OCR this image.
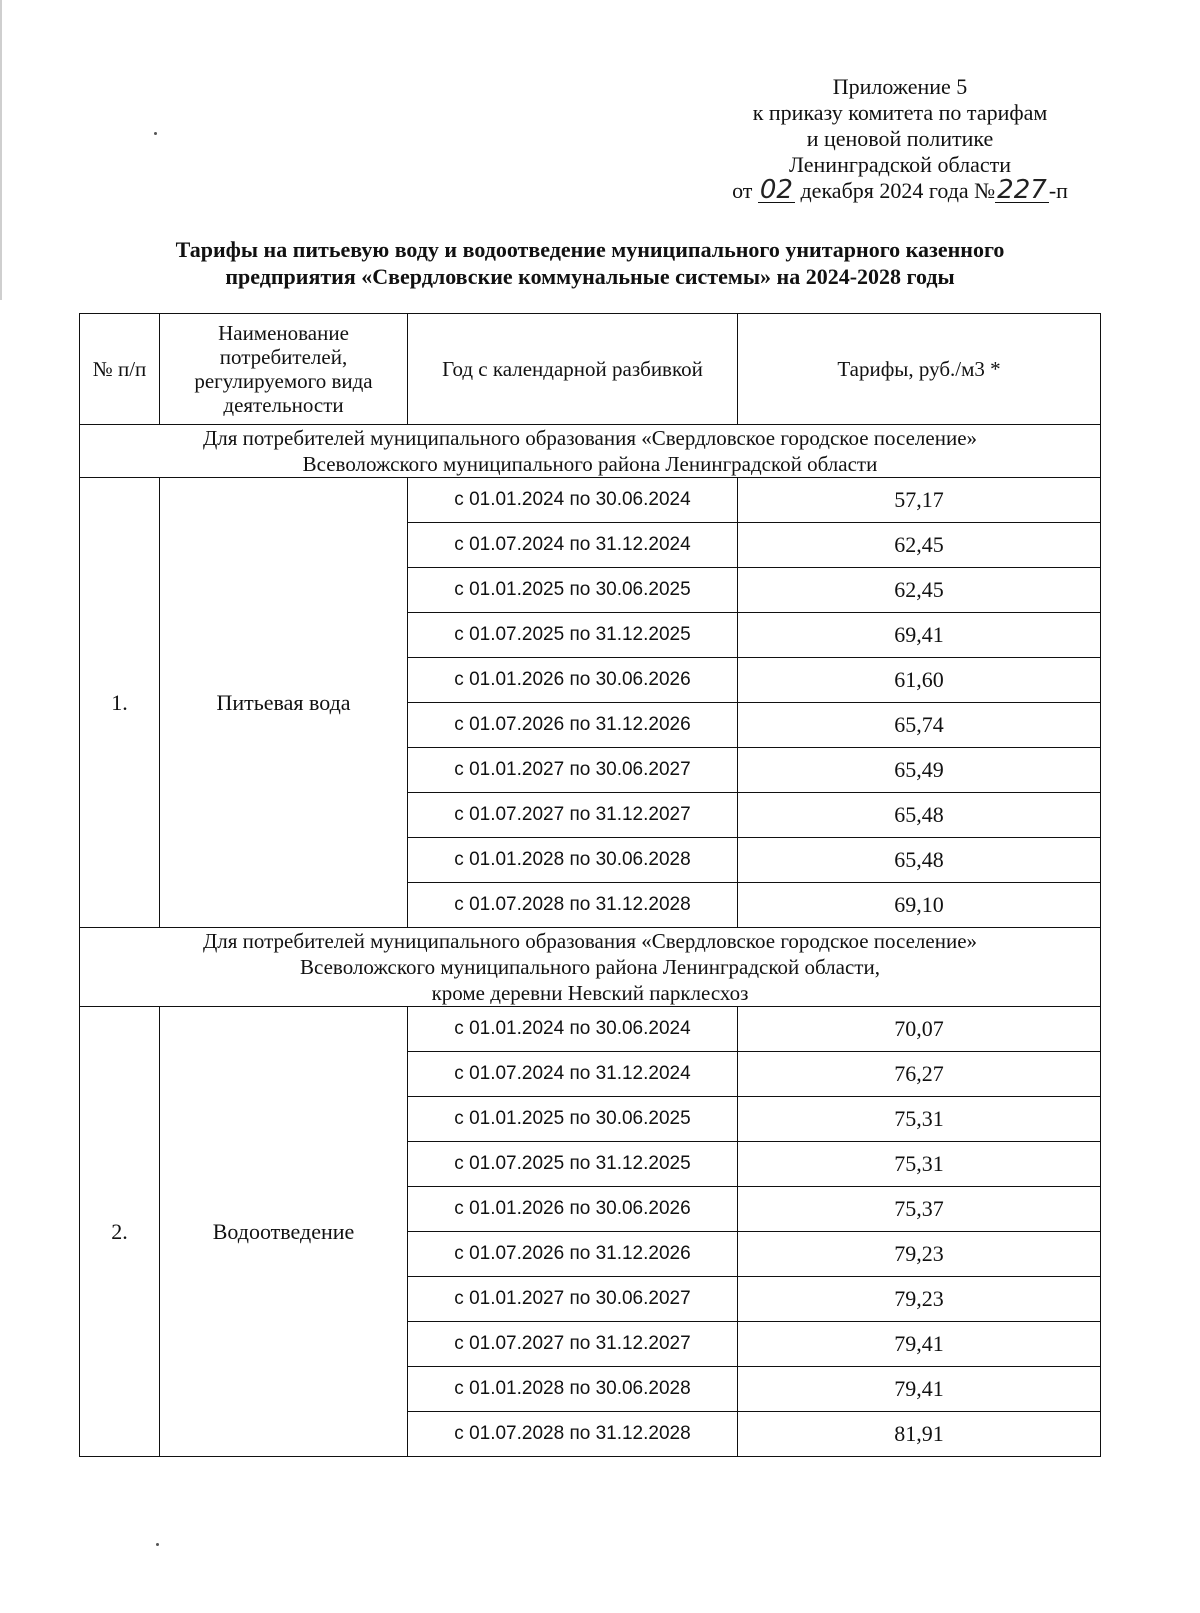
Приложение 5
к приказу комитета по тарифам
и ценовой политике
Ленинградской области
от 02 декабря 2024 года №227-п
Тарифы на питьевую воду и водоотведение муниципального унитарного казенного
предприятия «Свердловские коммунальные системы» на 2024-2028 годы
№ п/п	Наименование потребителей, регулируемого вида деятельности	Год с календарной разбивкой	Тарифы, руб./м3 *

Для потребителей муниципального образования «Свердловское городское поселение»
Всеволожского муниципального района Ленинградской области			

1.	Питьевая вода	с 01.01.2024 по 30.06.2024	57,17
		с 01.07.2024 по 31.12.2024	62,45
		с 01.01.2025 по 30.06.2025	62,45
		с 01.07.2025 по 31.12.2025	69,41
		с 01.01.2026 по 30.06.2026	61,60
		с 01.07.2026 по 31.12.2026	65,74
		с 01.01.2027 по 30.06.2027	65,49
		с 01.07.2027 по 31.12.2027	65,48
		с 01.01.2028 по 30.06.2028	65,48
		с 01.07.2028 по 31.12.2028	69,10

Для потребителей муниципального образования «Свердловское городское поселение»
Всеволожского муниципального района Ленинградской области,
кроме деревни Невский парклесхоз			

2.	Водоотведение	с 01.01.2024 по 30.06.2024	70,07
		с 01.07.2024 по 31.12.2024	76,27
		с 01.01.2025 по 30.06.2025	75,31
		с 01.07.2025 по 31.12.2025	75,31
		с 01.01.2026 по 30.06.2026	75,37
		с 01.07.2026 по 31.12.2026	79,23
		с 01.01.2027 по 30.06.2027	79,23
		с 01.07.2027 по 31.12.2027	79,41
		с 01.01.2028 по 30.06.2028	79,41
		с 01.07.2028 по 31.12.2028	81,91
